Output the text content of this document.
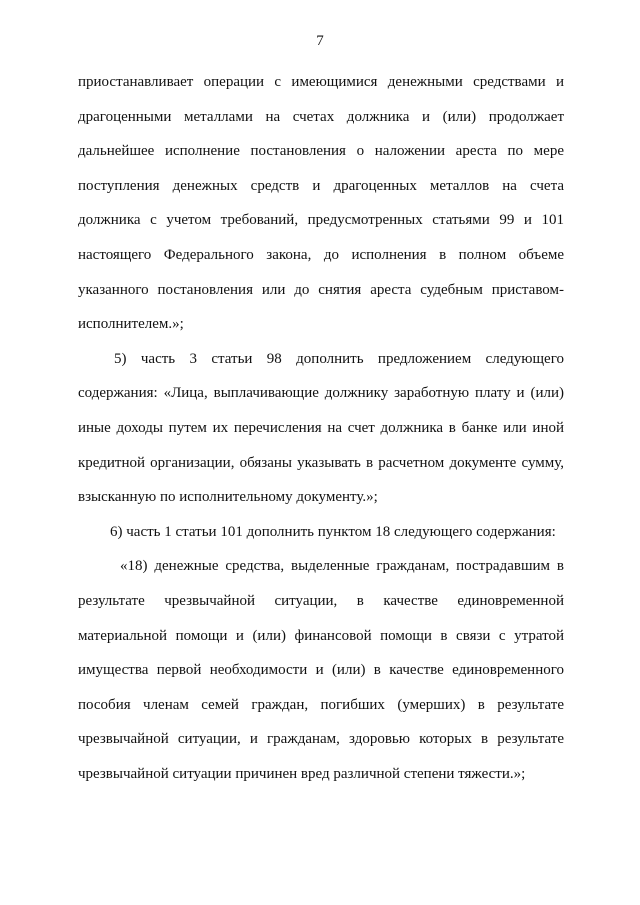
7
приостанавливает операции с имеющимися денежными средствами и
драгоценными металлами на счетах должника и (или) продолжает
дальнейшее исполнение постановления о наложении ареста по мере
поступления денежных средств и драгоценных металлов на счета
должника с учетом требований, предусмотренных статьями 99 и 101
настоящего Федерального закона, до исполнения в полном объеме
указанного постановления или до снятия ареста судебным приставом-
исполнителем.»;
5) часть 3 статьи 98 дополнить предложением следующего
содержания: «Лица, выплачивающие должнику заработную плату и (или)
иные доходы путем их перечисления на счет должника в банке или иной
кредитной организации, обязаны указывать в расчетном документе сумму,
взысканную по исполнительному документу.»;
6) часть 1 статьи 101 дополнить пунктом 18 следующего содержания:
«18) денежные средства, выделенные гражданам, пострадавшим в
результате чрезвычайной ситуации, в качестве единовременной
материальной помощи и (или) финансовой помощи в связи с утратой
имущества первой необходимости и (или) в качестве единовременного
пособия членам семей граждан, погибших (умерших) в результате
чрезвычайной ситуации, и гражданам, здоровью которых в результате
чрезвычайной ситуации причинен вред различной степени тяжести.»;
